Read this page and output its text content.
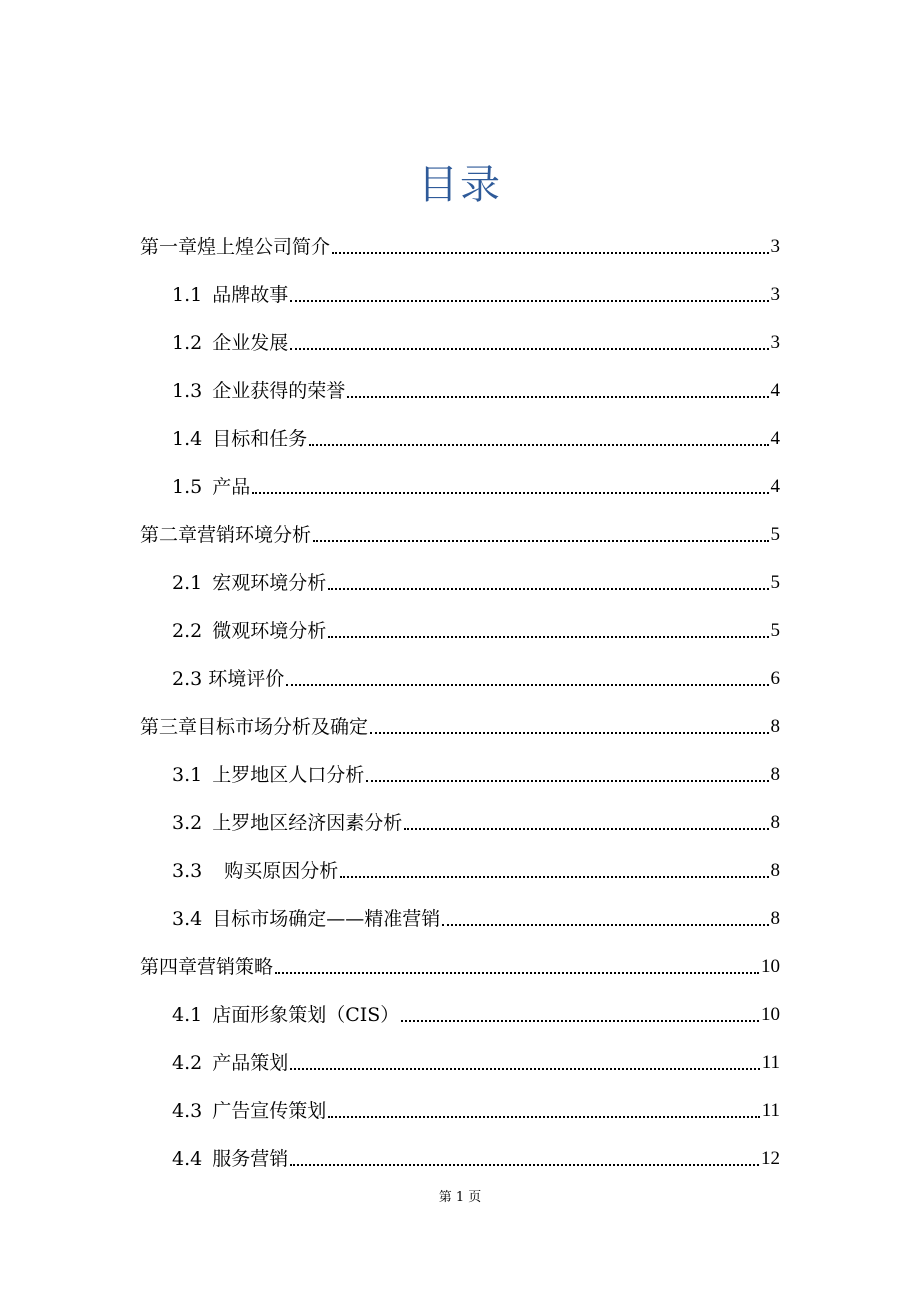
目录
第一章煌上煌公司简介	3
1.1 品牌故事	3
1.2 企业发展	3
1.3 企业获得的荣誉	4
1.4 目标和任务	4
1.5 产品	4
第二章营销环境分析	5
2.1 宏观环境分析	5
2.2 微观环境分析	5
2.3 环境评价	6
第三章目标市场分析及确定	8
3.1 上罗地区人口分析	8
3.2 上罗地区经济因素分析	8
3.3 购买原因分析	8
3.4 目标市场确定——精准营销	8
第四章营销策略	10
4.1 店面形象策划（CIS）	10
4.2 产品策划	11
4.3 广告宣传策划	11
4.4 服务营销	12
第 1 页
